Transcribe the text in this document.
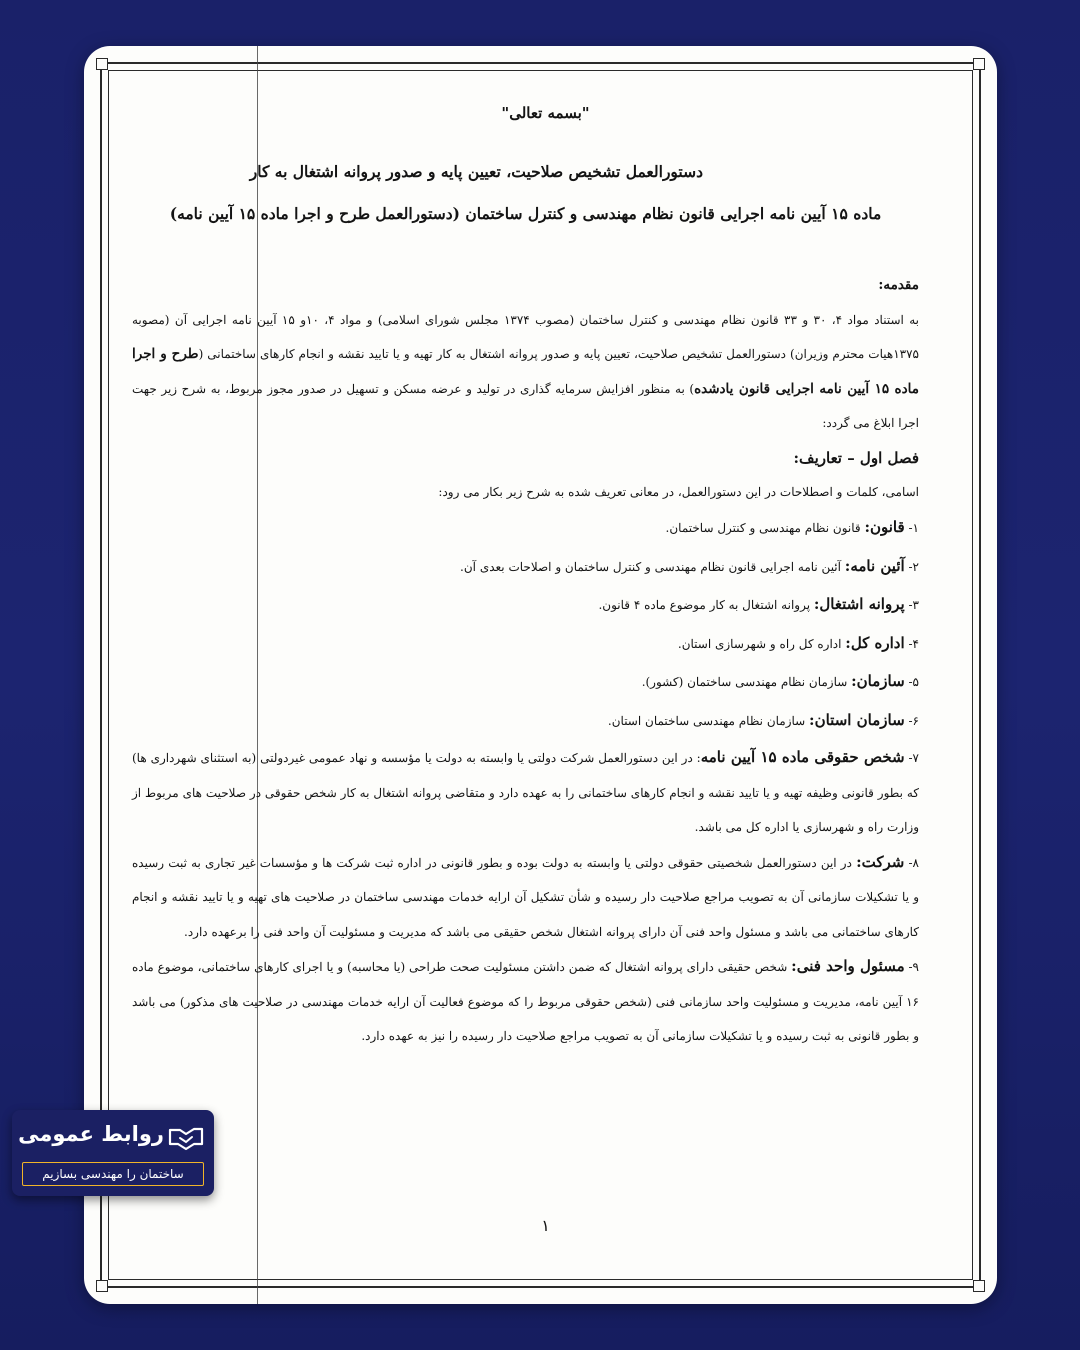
"بسمه تعالی"
دستورالعمل تشخیص صلاحیت، تعیین پایه و صدور پروانه اشتغال به کار
ماده ۱۵ آیین نامه اجرایی قانون نظام مهندسی و کنترل ساختمان (دستورالعمل طرح و اجرا ماده ۱۵ آیین نامه)

مقدمه:

به استناد مواد ۴، ۳۰ و ۳۳ قانون نظام مهندسی و کنترل ساختمان (مصوب ۱۳۷۴ مجلس شورای اسلامی) و مواد ۴، ۱۰و ۱۵ آیین نامه اجرایی آن (مصوبه ۱۳۷۵هیات محترم وزیران) دستورالعمل تشخیص صلاحیت، تعیین پایه و صدور پروانه اشتغال به کار تهیه و یا تایید نقشه و انجام کارهای ساختمانی (طرح و اجرا ماده ۱۵ آیین نامه اجرایی قانون یادشده) به منظور افزایش سرمایه گذاری در تولید و عرضه مسکن و تسهیل در صدور مجوز مربوط، به شرح زیر جهت اجرا ابلاغ می گردد:

فصل اول – تعاریف:

اسامی، کلمات و اصطلاحات در این دستورالعمل، در معانی تعریف شده به شرح زیر بکار می رود:

۱- قانون: قانون نظام مهندسی و کنترل ساختمان.

۲- آئین نامه: آئین نامه اجرایی قانون نظام مهندسی و کنترل ساختمان و اصلاحات بعدی آن.

۳- پروانه اشتغال: پروانه اشتغال به کار موضوع ماده ۴ قانون.

۴- اداره کل: اداره کل راه و شهرسازی استان.

۵- سازمان: سازمان نظام مهندسی ساختمان (کشور).

۶- سازمان استان: سازمان نظام مهندسی ساختمان استان.

۷- شخص حقوقی ماده ۱۵ آیین نامه: در این دستورالعمل شرکت دولتی یا وابسته به دولت یا مؤسسه و نهاد عمومی غیردولتی (به استثنای شهرداری ها) که بطور قانونی وظیفه تهیه و یا تایید نقشه و انجام کارهای ساختمانی را به عهده دارد و متقاضی پروانه اشتغال به کار شخص حقوقی در صلاحیت های مربوط از وزارت راه و شهرسازی یا اداره کل می باشد.

۸- شرکت: در این دستورالعمل شخصیتی حقوقی دولتی یا وابسته به دولت بوده و بطور قانونی در اداره ثبت شرکت ها و مؤسسات غیر تجاری به ثبت رسیده و یا تشکیلات سازمانی آن به تصویب مراجع صلاحیت دار رسیده و شأن تشکیل آن ارایه خدمات مهندسی ساختمان در صلاحیت های تهیه و یا تایید نقشه و انجام کارهای ساختمانی می باشد و مسئول واحد فنی آن دارای پروانه اشتغال شخص حقیقی می باشد که مدیریت و مسئولیت آن واحد فنی را برعهده دارد.

۹- مسئول واحد فنی: شخص حقیقی دارای پروانه اشتغال که ضمن داشتن مسئولیت صحت طراحی (یا محاسبه) و یا اجرای کارهای ساختمانی، موضوع ماده ۱۶ آیین نامه، مدیریت و مسئولیت واحد سازمانی فنی (شخص حقوقی مربوط را که موضوع فعالیت آن ارایه خدمات مهندسی در صلاحیت های مذکور) می باشد و بطور قانونی به ثبت رسیده و یا تشکیلات سازمانی آن به تصویب مراجع صلاحیت دار رسیده را نیز به عهده دارد.

۱
روابط عمومی
ساختمان را مهندسی بسازیم
